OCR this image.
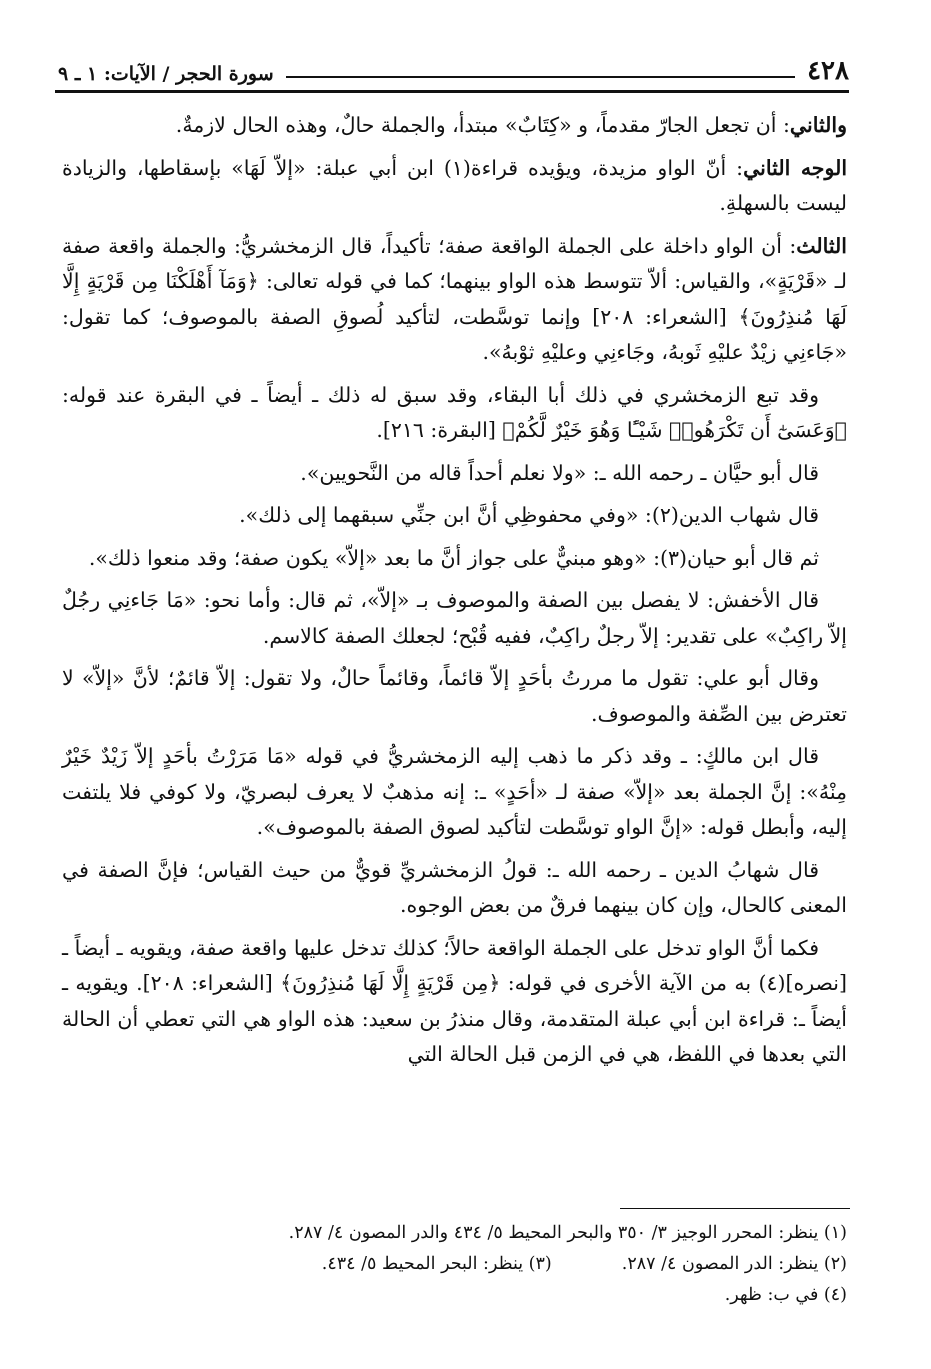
٤٢٨
سورة الحجر / الآيات: ١ ـ ٩

والثاني: أن تجعل الجارّ مقدماً، و «كِتَابٌ» مبتدأ، والجملة حالٌ، وهذه الحال لازمةٌ.

الوجه الثاني: أنّ الواو مزيدة، ويؤيده قراءة(١) ابن أبي عبلة: «إلاّ لَهَا» بإسقاطها، والزيادة ليست بالسهلةِ.

الثالث: أن الواو داخلة على الجملة الواقعة صفة؛ تأكيداً، قال الزمخشريُّ: والجملة واقعة صفة لـ «قَرْيَةٍ»، والقياس: ألاّ تتوسط هذه الواو بينهما؛ كما في قوله تعالى: ﴿وَمَآ أَهْلَكْنَا مِن قَرْيَةٍ إِلَّا لَهَا مُنذِرُونَ﴾ [الشعراء: ٢٠٨] وإنما توسَّطت، لتأكيد لُصوقِ الصفة بالموصوف؛ كما تقول: «جَاءنِي زيْدٌ عليْهِ ثَوبهُ، وجَاءنِي وعليْهِ ثوْبهُ».

وقد تبع الزمخشري في ذلك أبا البقاء، وقد سبق له ذلك ـ أيضاً ـ في البقرة عند قوله: ﴿وَعَسَىٰٓ أَن تَكْرَهُوا۟ شَيْـًٔا وَهُوَ خَيْرٌ لَّكُمْ﴾ [البقرة: ٢١٦].

قال أبو حيَّان ـ رحمه الله ـ: «ولا نعلم أحداً قاله من النَّحويين».

قال شهاب الدين(٢): «وفي محفوظِي أنَّ ابن جنِّي سبقهما إلى ذلك».

ثم قال أبو حيان(٣): «وهو مبنيٌّ على جواز أنَّ ما بعد «إلاّ» يكون صفة؛ وقد منعوا ذلك».

قال الأخفش: لا يفصل بين الصفة والموصوف بـ «إلاّ»، ثم قال: وأما نحو: «مَا جَاءنِي رجُلٌ إلاّ راكِبٌ» على تقدير: إلاّ رجلٌ راكِبٌ، ففيه قُبْح؛ لجعلك الصفة كالاسم.

وقال أبو علي: تقول ما مررتُ بأحَدٍ إلاّ قائماً، وقائماً حالٌ، ولا تقول: إلاّ قائمٌ؛ لأنَّ «إلاّ» لا تعترض بين الصِّفة والموصوف.

قال ابن مالكٍ: ـ وقد ذكر ما ذهب إليه الزمخشريُّ في قوله «مَا مَرَرْتُ بأحَدٍ إلاّ زَيْدٌ خَيْرٌ مِنْهُ»: إنَّ الجملة بعد «إلاّ» صفة لـ «أحَدٍ» ـ: إنه مذهبٌ لا يعرف لبصريّ، ولا كوفي فلا يلتفت إليه، وأبطل قوله: «إنَّ الواو توسَّطت لتأكيد لصوق الصفة بالموصوف».

قال شهابُ الدين ـ رحمه الله ـ: قولُ الزمخشريِّ قويٌّ من حيث القياس؛ فإنَّ الصفة في المعنى كالحال، وإن كان بينهما فرقٌ من بعض الوجوه.

فكما أنَّ الواو تدخل على الجملة الواقعة حالاً؛ كذلك تدخل عليها واقعة صفة، ويقويه ـ أيضاً ـ [نصره](٤) به من الآية الأخرى في قوله: ﴿مِن قَرْيَةٍ إِلَّا لَهَا مُنذِرُونَ﴾ [الشعراء: ٢٠٨]. ويقويه ـ أيضاً ـ: قراءة ابن أبي عبلة المتقدمة، وقال منذرُ بن سعيد: هذه الواو هي التي تعطي أن الحالة التي بعدها في اللفظ، هي في الزمن قبل الحالة التي

(١) ينظر: المحرر الوجيز ٣/ ٣٥٠ والبحر المحيط ٥/ ٤٣٤ والدر المصون ٤/ ٢٨٧.
(٢) ينظر: الدر المصون ٤/ ٢٨٧.
(٣) ينظر: البحر المحيط ٥/ ٤٣٤.
(٤) في ب: ظهر.
